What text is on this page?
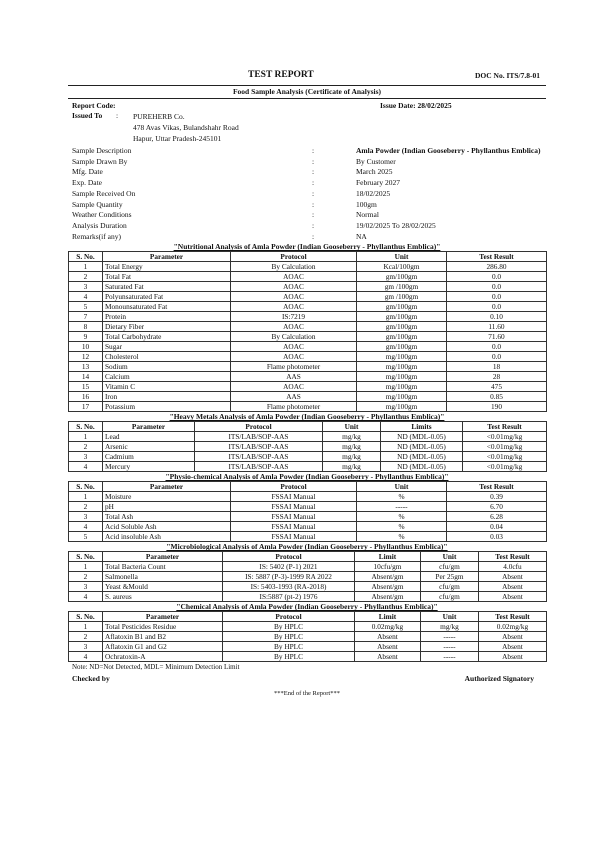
TEST REPORT	DOC No. ITS/7.8-01
Food Sample Analysis (Certificate of Analysis)
Report Code:	Issue Date: 28/02/2025
Issued To : PUREHERB Co.
478 Avas Vikas, Bulandshahr Road
Hapur, Uttar Pradesh-245101
Sample Description	:	Amla Powder (Indian Gooseberry - Phyllanthus Emblica)
Sample Drawn By	:	By Customer
Mfg. Date	:	March 2025
Exp. Date	:	February 2027
Sample Received On	:	18/02/2025
Sample Quantity	:	100gm
Weather Conditions	:	Normal
Analysis Duration	:	19/02/2025 To 28/02/2025
Remarks(if any)	:	NA
"Nutritional Analysis of Amla Powder (Indian Gooseberry - Phyllanthus Emblica)"
S. No.	Parameter	Protocol	Unit	Test Result
1	Total Energy	By Calculation	Kcal/100gm	286.80
2	Total Fat	AOAC	gm/100gm	0.0
3	Saturated Fat	AOAC	gm /100gm	0.0
4	Polyunsaturated Fat	AOAC	gm /100gm	0.0
5	Monounsaturated Fat	AOAC	gm/100gm	0.0
7	Protein	IS:7219	gm/100gm	0.10
8	Dietary Fiber	AOAC	gm/100gm	11.60
9	Total Carbohydrate	By Calculation	gm/100gm	71.60
10	Sugar	AOAC	gm/100gm	0.0
12	Cholesterol	AOAC	mg/100gm	0.0
13	Sodium	Flame photometer	mg/100gm	18
14	Calcium	AAS	mg/100gm	28
15	Vitamin C	AOAC	mg/100gm	475
16	Iron	AAS	mg/100gm	0.85
17	Potassium	Flame photometer	mg/100gm	190
"Heavy Metals Analysis of Amla Powder (Indian Gooseberry - Phyllanthus Emblica)"
S. No.	Parameter	Protocol	Unit	Limits	Test Result
1	Lead	ITS/LAB/SOP-AAS	mg/kg	ND (MDL-0.05)	<0.01mg/kg
2	Arsenic	ITS/LAB/SOP-AAS	mg/kg	ND (MDL-0.05)	<0.01mg/kg
3	Cadmium	ITS/LAB/SOP-AAS	mg/kg	ND (MDL-0.05)	<0.01mg/kg
4	Mercury	ITS/LAB/SOP-AAS	mg/kg	ND (MDL-0.05)	<0.01mg/kg
"Physio-chemical Analysis of Amla Powder (Indian Gooseberry - Phyllanthus Emblica)"
S. No.	Parameter	Protocol	Unit	Test Result
1	Moisture	FSSAI Manual	%	0.39
2	pH	FSSAI Manual	-----	6.70
3	Total Ash	FSSAI Manual	%	6.28
4	Acid Soluble Ash	FSSAI Manual	%	0.04
5	Acid insoluble Ash	FSSAI Manual	%	0.03
"Microbiological Analysis of Amla Powder (Indian Gooseberry - Phyllanthus Emblica)"
S. No.	Parameter	Protocol	Limit	Unit	Test Result
1	Total Bacteria Count	IS: 5402 (P-1) 2021	10cfu/gm	cfu/gm	4.0cfu
2	Salmonella	IS: 5887 (P-3)-1999 RA 2022	Absent/gm	Per 25gm	Absent
3	Yeast &Mould	IS: 5403-1993 (RA-2018)	Absent/gm	cfu/gm	Absent
4	S. aureus	IS:5887 (pt-2) 1976	Absent/gm	cfu/gm	Absent
"Chemical Analysis of Amla Powder (Indian Gooseberry - Phyllanthus Emblica)"
S. No.	Parameter	Protocol	Limit	Unit	Test Result
1	Total Pesticides Residue	By HPLC	0.02mg/kg	mg/kg	0.02mg/kg
2	Aflatoxin B1 and B2	By HPLC	Absent	-----	Absent
3	Aflatoxin G1 and G2	By HPLC	Absent	-----	Absent
4	Ochratoxin-A	By HPLC	Absent	-----	Absent
Note: ND=Not Detected, MDL= Minimum Detection Limit
Checked by	Authorized Signatory
***End of the Report***
